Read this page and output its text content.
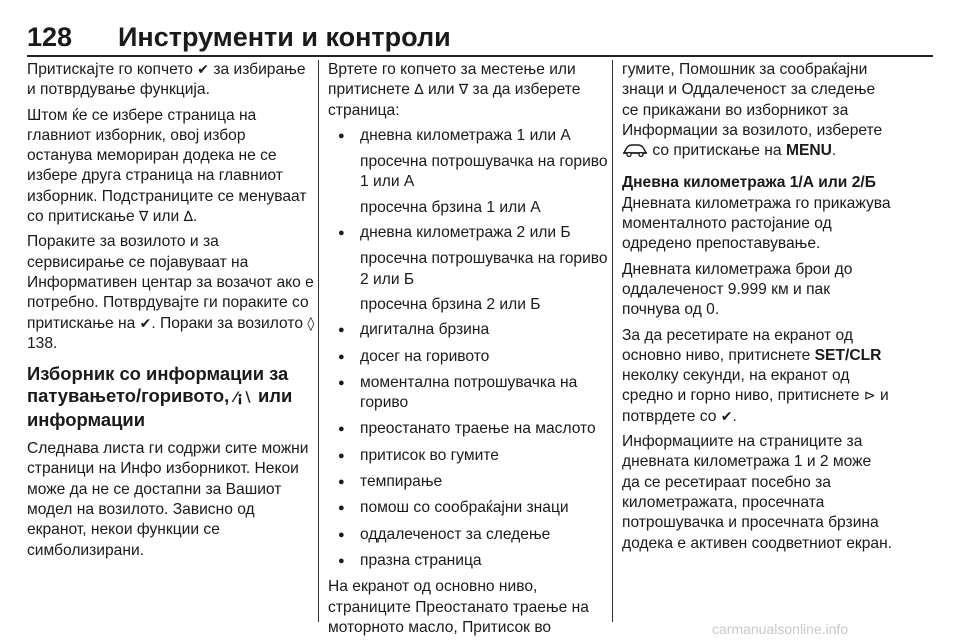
128 Инструменти и контроли

Притискајте го копчето ✔ за избирање и потврдување функција.

Штом ќе се избере страница на главниот изборник, овој избор останува мемориран додека не се избере друга страница на главниот изборник. Подстраниците се менуваат со притискање ∇ или ∆.

Пораките за возилото и за сервисирање се појавуваат на Информативен центар за возачот ако е потребно. Потврдувајте ги пораките со притискање на ✔. Пораки за возилото ◊ 138.

Изборник со информации за патувањето/горивото, ⁄¡∖ или информации

Следнава листа ги содржи сите можни страници на Инфо изборникот. Некои може да не се достапни за Вашиот модел на возилото. Зависно од екранот, некои функции се симболизирани.

Вртете го копчето за местење или притиснете ∆ или ∇ за да изберете страница:

● дневна километража 1 или А

просечна потрошувачка на гориво 1 или А

просечна брзина 1 или А

● дневна километража 2 или Б

просечна потрошувачка на гориво 2 или Б

просечна брзина 2 или Б

● дигитална брзина
● досег на горивото
● моментална потрошувачка на гориво
● преостанато траење на маслото
● притисок во гумите
● темпирање
● помош со сообраќајни знаци
● оддалеченост за следење
● празна страница

На екранот од основно ниво, страниците Преостанато траење на моторното масло, Притисок во

гумите, Помошник за сообраќајни знаци и Оддалеченост за следење се прикажани во изборникот за Информации за возилото, изберете  со притискање на MENU.

Дневна километража 1/А или 2/Б

Дневната километража го прикажува моменталното растојание од одредено препоставување.

Дневната километража брои до оддалеченост 9.999 км и пак почнува од 0.

За да ресетирате на екранот од основно ниво, притиснете SET/CLR неколку секунди, на екранот од средно и горно ниво, притиснете ⊳ и потврдете со ✔.

Информациите на страниците за дневната километража 1 и 2 може да се ресетираат посебно за километражата, просечната потрошувачка и просечната брзина додека е активен соодветниот екран.

carmanualsonline.info
